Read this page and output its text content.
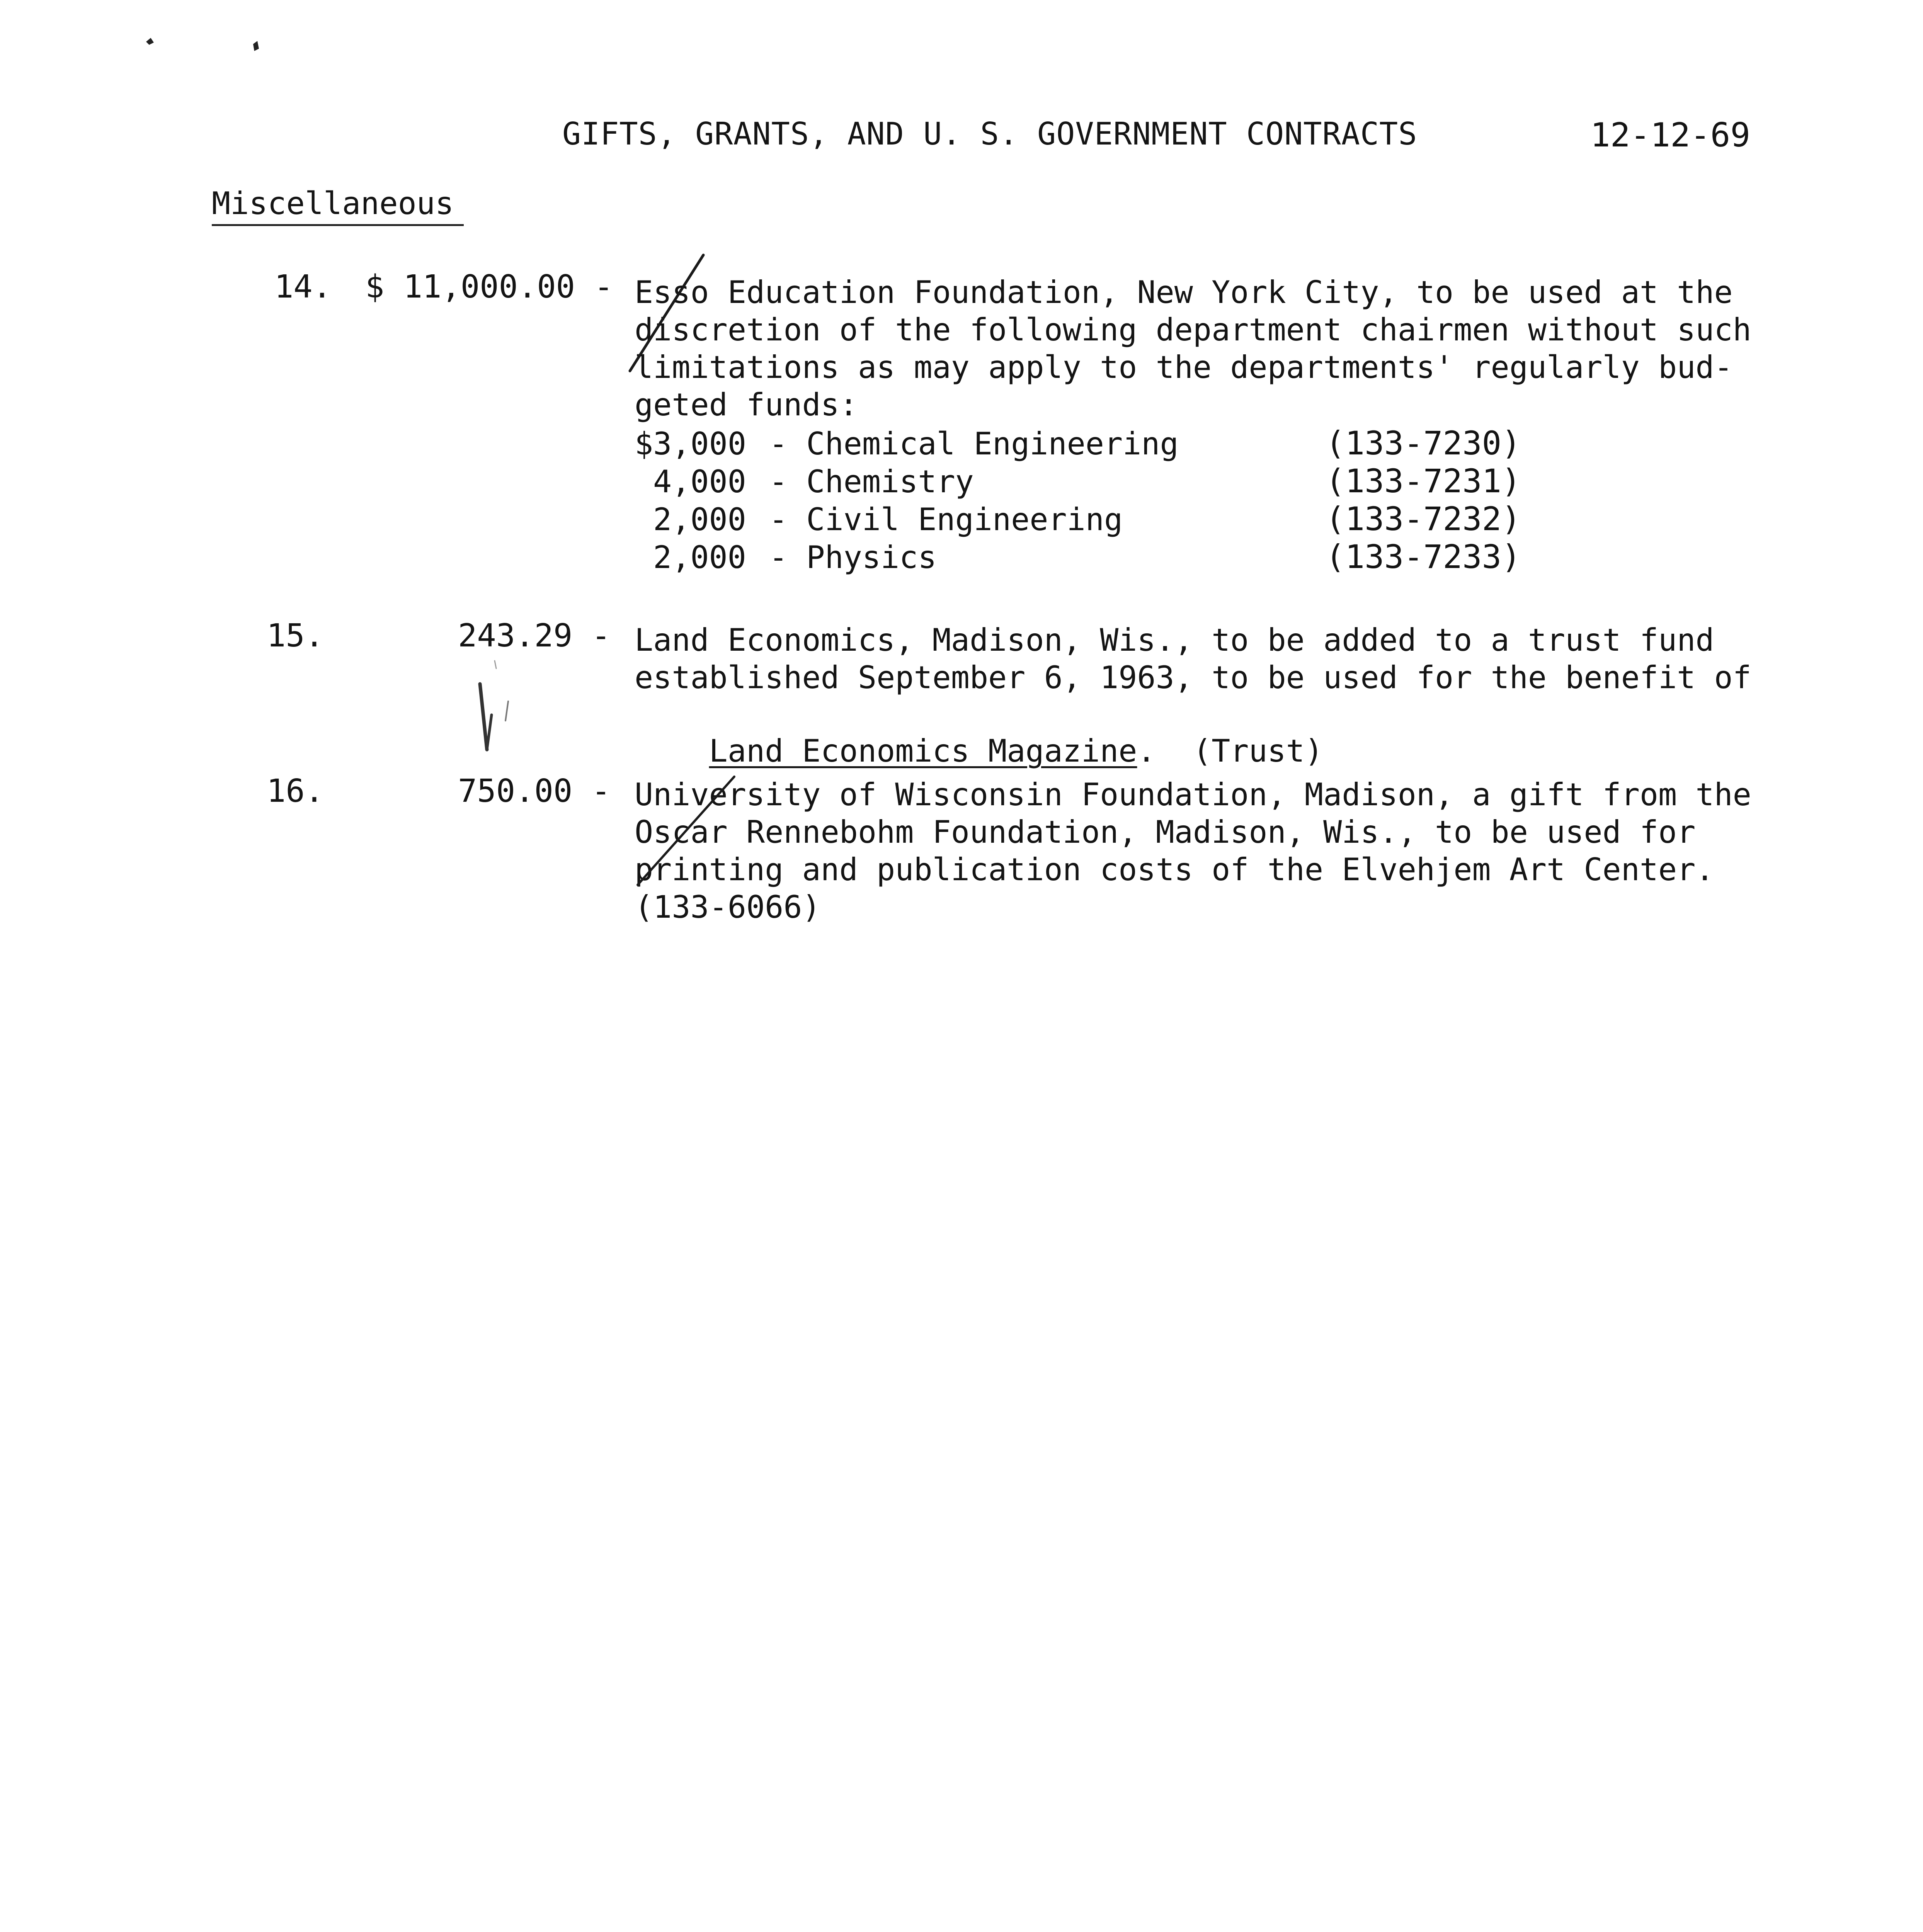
GIFTS, GRANTS, AND U. S. GOVERNMENT CONTRACTS	12-12-69
Miscellaneous
14. $ 11,000.00 - Esso Education Foundation, New York City, to be used at the
discretion of the following department chairmen without such
limitations as may apply to the departments' regularly bud-
geted funds:
$3,000 - Chemical Engineering	(133-7230)
4,000 - Chemistry	(133-7231)
2,000 - Civil Engineering	(133-7232)
2,000 - Physics	(133-7233)
15.	243.29 - Land Economics, Madison, Wis., to be added to a trust fund
established September 6, 1963, to be used for the benefit of

Land Economics Magazine.  (Trust)

16.	750.00 - University of Wisconsin Foundation, Madison, a gift from the
Oscar Rennebohm Foundation, Madison, Wis., to be used for
printing and publication costs of the Elvehjem Art Center.
(133-6066)
